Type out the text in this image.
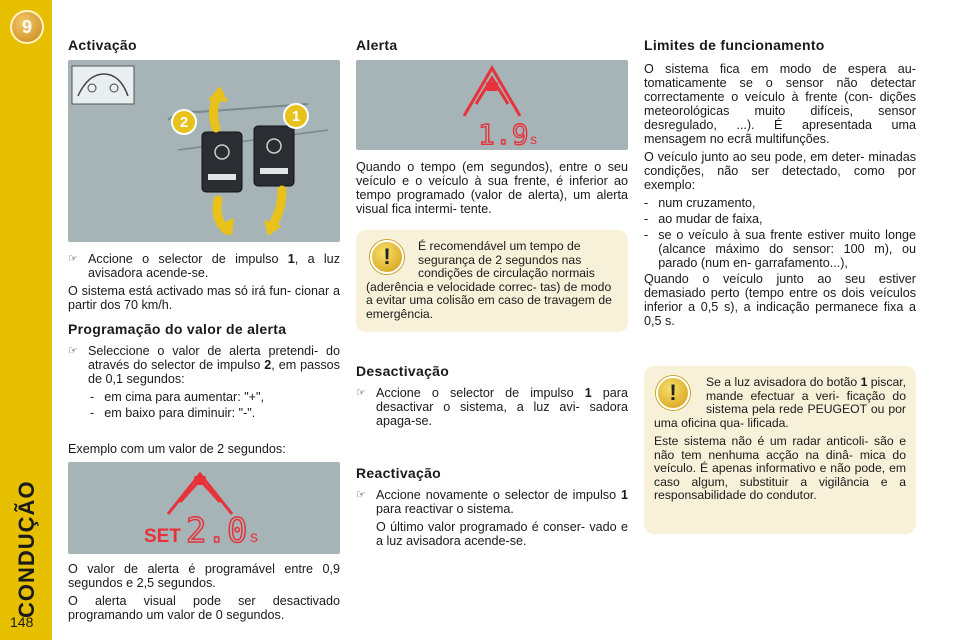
9
CONDUÇÃO
148
Activação
2	1
☞ Accione o selector de impulso 1, a luz avisadora acende-se.

O sistema está activado mas só irá fun- cionar a partir dos 70 km/h.

Programação do valor de alerta
☞ Seleccione o valor de alerta pretendi- do através do selector de impulso 2, em passos de 0,1 segundos:
- em cima para aumentar: "+",
- em baixo para diminuir: "-".

Exemplo com um valor de 2 segundos:

SET 2.0 s

O valor de alerta é programável entre 0,9 segundos e 2,5 segundos.

O alerta visual pode ser desactivado programando um valor de 0 segundos.

Alerta
1.9 s

Quando o tempo (em segundos), entre o seu veículo e o veículo à sua frente, é inferior ao tempo programado (valor de alerta), um alerta visual fica intermi- tente.

!	É recomendável um tempo de segurança de 2 segundos nas condições de circulação normais (aderência e velocidade correc- tas) de modo a evitar uma colisão em caso de travagem de emergência.
Desactivação
☞ Accione o selector de impulso 1 para desactivar o sistema, a luz avi- sadora apaga-se.
Reactivação
☞ Accione novamente o selector de impulso 1 para reactivar o sistema.

O último valor programado é conser- vado e a luz avisadora acende-se.

Limites de funcionamento

O sistema fica em modo de espera au- tomaticamente se o sensor não detectar correctamente o veículo à frente (con- dições meteorológicas muito difíceis, sensor desregulado, ...). É apresentada uma mensagem no ecrã multifunções.

O veículo junto ao seu pode, em deter- minadas condições, não ser detectado, como por exemplo:

- num cruzamento,
- ao mudar de faixa,
- se o veículo à sua frente estiver muito longe (alcance máximo do sensor: 100 m), ou parado (num en- garrafamento...),

Quando o veículo junto ao seu estiver demasiado perto (tempo entre os dois veículos inferior a 0,5 s), a indicação permanece fixa a 0,5 s.

!	Se a luz avisadora do botão 1 piscar, mande efectuar a veri- ficação do sistema pela rede PEUGEOT ou por uma oficina qua- lificada.

Este sistema não é um radar anticoli- são e não tem nenhuma acção na dinâ- mica do veículo. É apenas informativo e não pode, em caso algum, substituir a vigilância e a responsabilidade do condutor.
